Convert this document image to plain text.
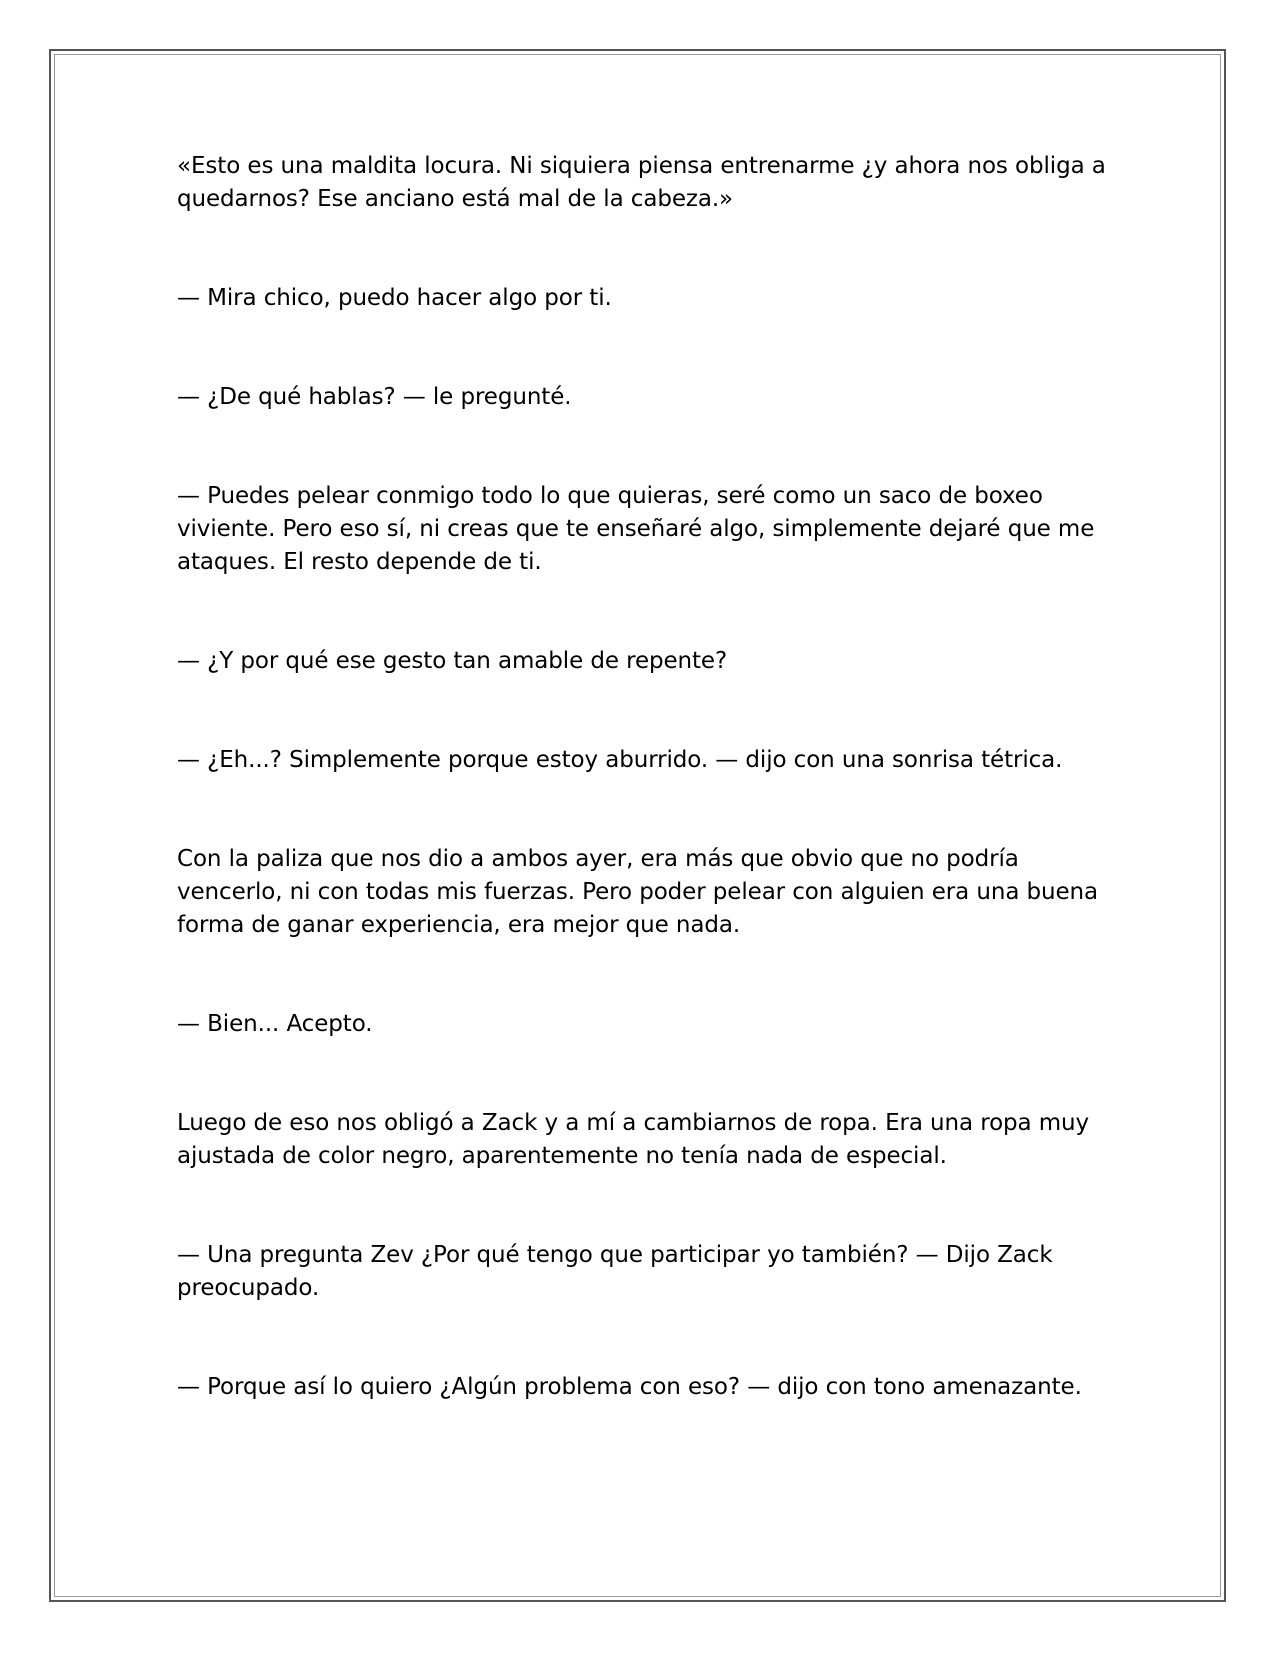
«Esto es una maldita locura. Ni siquiera piensa entrenarme ¿y ahora nos obliga a quedarnos? Ese anciano está mal de la cabeza.»

— Mira chico, puedo hacer algo por ti.

— ¿De qué hablas? — le pregunté.

— Puedes pelear conmigo todo lo que quieras, seré como un saco de boxeo viviente. Pero eso sí, ni creas que te enseñaré algo, simplemente dejaré que me ataques. El resto depende de ti.

— ¿Y por qué ese gesto tan amable de repente?

— ¿Eh...? Simplemente porque estoy aburrido. — dijo con una sonrisa tétrica.

Con la paliza que nos dio a ambos ayer, era más que obvio que no podría vencerlo, ni con todas mis fuerzas. Pero poder pelear con alguien era una buena forma de ganar experiencia, era mejor que nada.

— Bien... Acepto.

Luego de eso nos obligó a Zack y a mí a cambiarnos de ropa. Era una ropa muy ajustada de color negro, aparentemente no tenía nada de especial.

— Una pregunta Zev ¿Por qué tengo que participar yo también? — Dijo Zack preocupado.

— Porque así lo quiero ¿Algún problema con eso? — dijo con tono amenazante.
